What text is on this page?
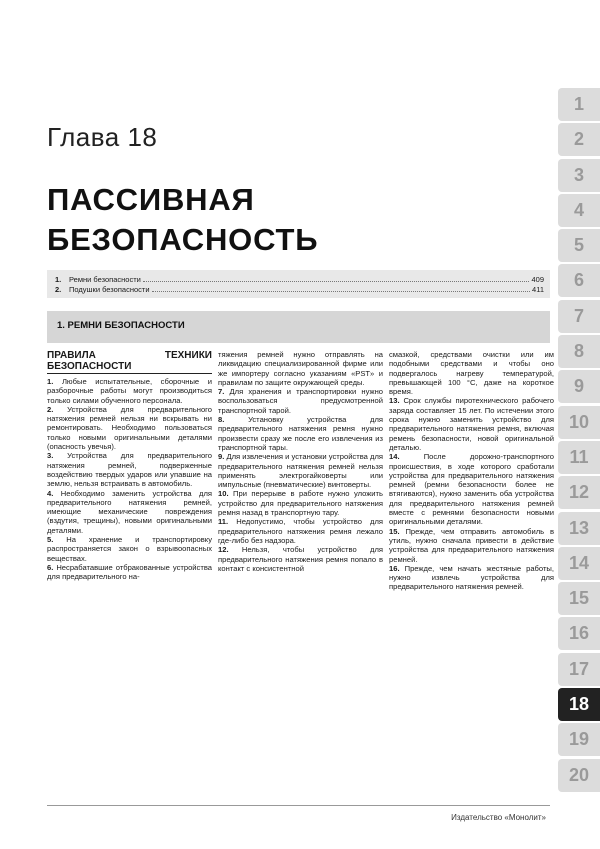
Глава 18
ПАССИВНАЯ
БЕЗОПАСНОСТЬ
1.	Ремни безопасности	409
2.	Подушки безопасности	411
1. РЕМНИ БЕЗОПАСНОСТИ
ПРАВИЛА ТЕХНИКИ БЕЗОПАСНОСТИ

1. Любые испытательные, сборочные и разборочные работы могут производиться только силами обученного персонала.

2. Устройства для предварительного натяжения ремней нельзя ни вскрывать ни ремонтировать. Необходимо пользоваться только новыми оригинальными деталями (опасность увечья).

3. Устройства для предварительного натяжения ремней, подверженные воздействию твердых ударов или упавшие на землю, нельзя встраивать в автомобиль.

4. Необходимо заменить устройства для предварительного натяжения ремней, имеющие механические повреждения (вздутия, трещины), новыми оригинальными деталями.

5. На хранение и транспортировку распространяется закон о взрывоопасных веществах.

6. Несрабатавшие отбракованные устройства для предварительного на-

тяжения ремней нужно отправлять на ликвидацию специализированной фирме или же импортеру согласно указаниям «PST» и правилам по защите окружающей среды.

7. Для хранения и транспортировки нужно воспользоваться предусмотренной транспортной тарой.

8. Установку устройства для предварительного натяжения ремня нужно произвести сразу же после его извлечения из транспортной тары.

9. Для извлечения и установки устройства для предварительного натяжения ремней нельзя применять электрогайковерты или импульсные (пневматические) винтоверты.

10. При перерыве в работе нужно уложить устройство для предварительного натяжения ремня назад в транспортную тару.

11. Недопустимо, чтобы устройство для предварительного натяжения ремня лежало где-либо без надзора.

12. Нельзя, чтобы устройство для предварительного натяжения ремня попало в контакт с консистентной

смазкой, средствами очистки или им подобными средствами и чтобы оно подвергалось нагреву температурой, превышающей 100 °С, даже на короткое время.

13. Срок службы пиротехнического рабочего заряда составляет 15 лет. По истечении этого срока нужно заменить устройство для предварительного натяжения ремня, включая ремень безопасности, новой оригинальной деталью.

14. После дорожно-транспортного происшествия, в ходе которого сработали устройства для предварительного натяжения ремней (ремни безопасности более не втягиваются), нужно заменить оба устройства для предварительного натяжения ремней вместе с ремнями безопасности новыми оригинальными деталями.

15. Прежде, чем отправить автомобиль в утиль, нужно сначала привести в действие устройства для предварительного натяжения ремней.

16. Прежде, чем начать жестяные работы, нужно извлечь устройства для предварительного натяжения ремней.

1
2
3
4
5
6
7
8
9
10
11
12
13
14
15
16
17
18
19
20
Издательство «Монолит»
